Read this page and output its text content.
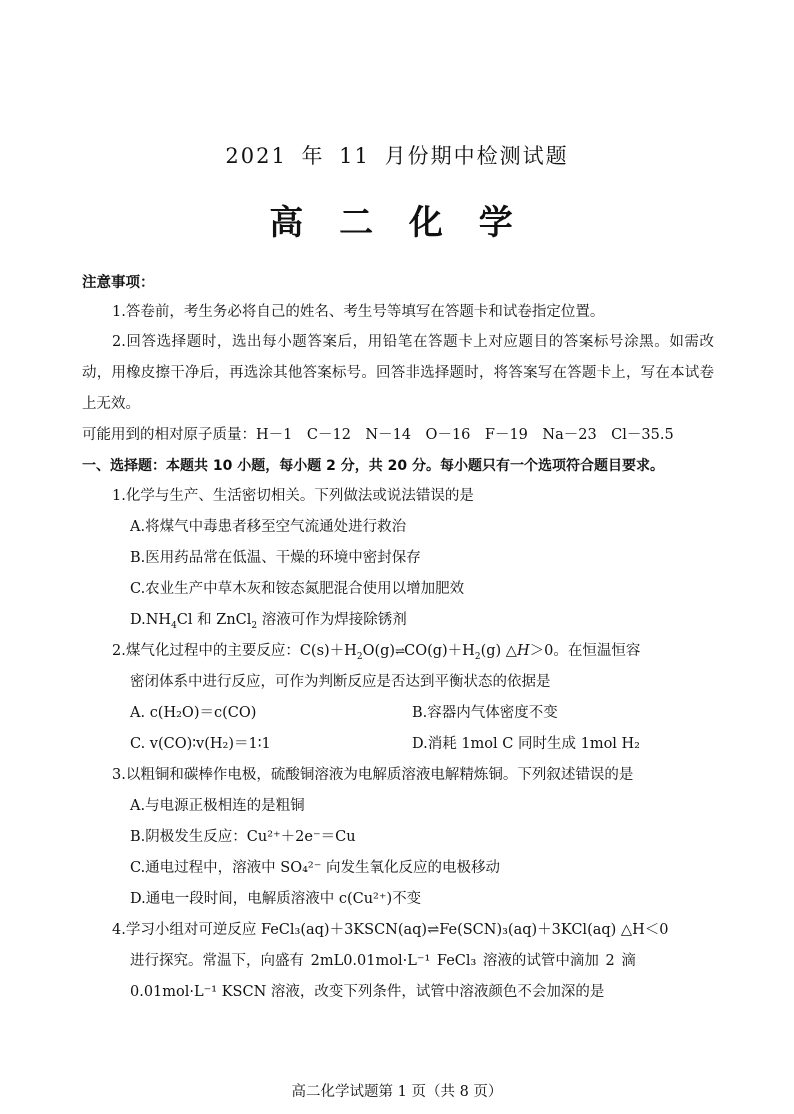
2021 年 11 月份期中检测试题
高 二 化 学
注意事项：
1.答卷前，考生务必将自己的姓名、考生号等填写在答题卡和试卷指定位置。
2.回答选择题时，选出每小题答案后，用铅笔在答题卡上对应题目的答案标号涂黑。如需改动，用橡皮擦干净后，再选涂其他答案标号。回答非选择题时，将答案写在答题卡上，写在本试卷上无效。
可能用到的相对原子质量：H－1　C－12　N－14　O－16　F－19　Na－23　Cl－35.5
一、选择题：本题共 10 小题，每小题 2 分，共 20 分。每小题只有一个选项符合题目要求。
1.化学与生产、生活密切相关。下列做法或说法错误的是
A.将煤气中毒患者移至空气流通处进行救治
B.医用药品常在低温、干燥的环境中密封保存
C.农业生产中草木灰和铵态氮肥混合使用以增加肥效
$D.NH_4Cl$ 和 ZnCl$_2$ 溶液可作为焊接除锈剂
2.煤气化过程中的主要反应：$C(s)+H_2O(g)\rightleftharpoons CO(g)+H_2(g)$ △H＞0。在恒温恒容
密闭体系中进行反应，可作为判断反应是否达到平衡状态的依据是
A. c(H₂O)＝c(CO)	B.容器内气体密度不变
C. v(CO)∶v(H₂)＝1∶1	D.消耗 1mol C 同时生成 1mol H₂
3.以粗铜和碳棒作电极，硫酸铜溶液为电解质溶液电解精炼铜。下列叙述错误的是
A.与电源正极相连的是粗铜
B.阴极发生反应：Cu²⁺＋2e⁻＝Cu
C.通电过程中，溶液中 SO₄²⁻ 向发生氧化反应的电极移动
D.通电一段时间，电解质溶液中 c(Cu²⁺)不变
4.学习小组对可逆反应 FeCl₃(aq)＋3KSCN(aq)⇌Fe(SCN)₃(aq)＋3KCl(aq) △H＜0
进行探究。常温下，向盛有 2mL0.01mol·L⁻¹ FeCl₃ 溶液的试管中滴加 2 滴
0.01mol·L⁻¹ KSCN 溶液，改变下列条件，试管中溶液颜色不会加深的是
高二化学试题第 1 页（共 8 页）
